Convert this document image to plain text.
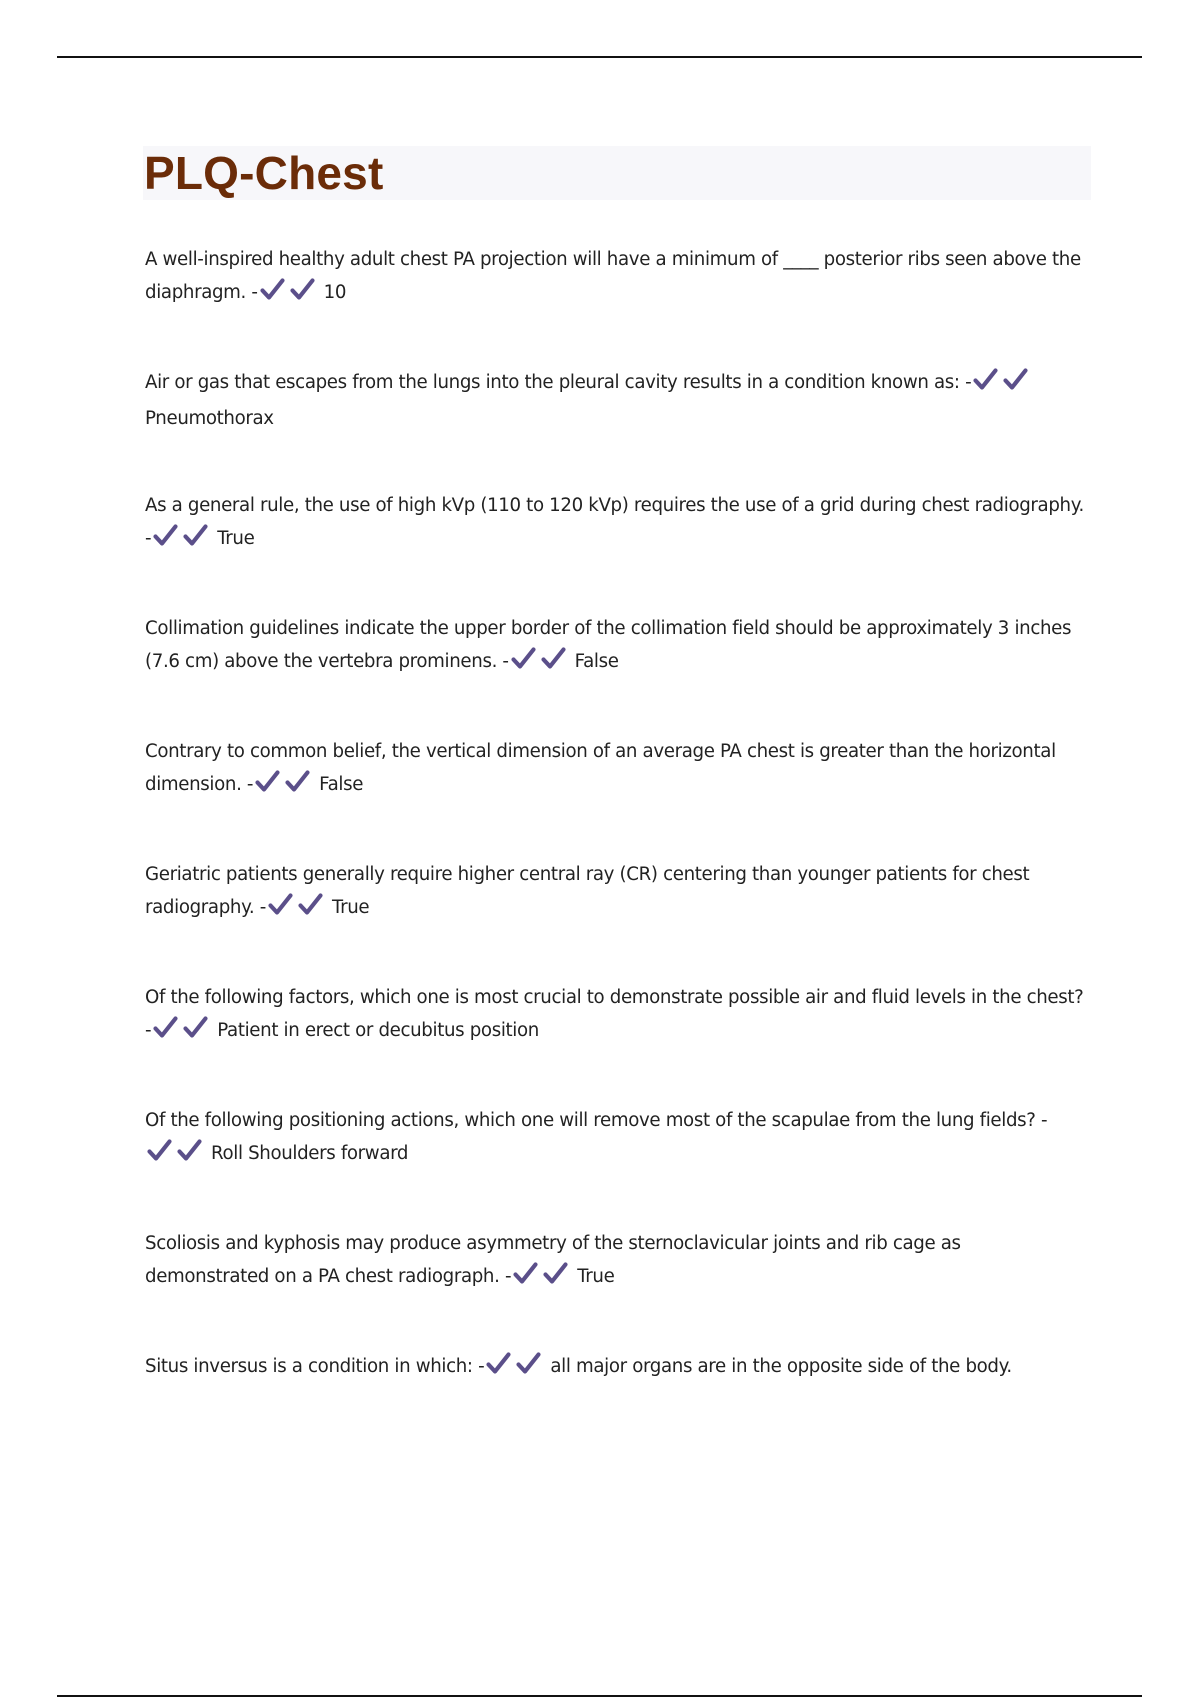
PLQ-Chest
A well-inspired healthy adult chest PA projection will have a minimum of ____ posterior ribs seen above the diaphragm. -	10
Air or gas that escapes from the lungs into the pleural cavity results in a condition known as: -
Pneumothorax
As a general rule, the use of high kVp (110 to 120 kVp) requires the use of a grid during chest radiography. -	True
Collimation guidelines indicate the upper border of the collimation field should be approximately 3 inches (7.6 cm) above the vertebra prominens. -	False
Contrary to common belief, the vertical dimension of an average PA chest is greater than the horizontal dimension. -	False
Geriatric patients generally require higher central ray (CR) centering than younger patients for chest radiography. -	True
Of the following factors, which one is most crucial to demonstrate possible air and fluid levels in the chest? -	Patient in erect or decubitus position
Of the following positioning actions, which one will remove most of the scapulae from the lung fields? -
Roll Shoulders forward
Scoliosis and kyphosis may produce asymmetry of the sternoclavicular joints and rib cage as demonstrated on a PA chest radiograph. -	True
Situs inversus is a condition in which: -	all major organs are in the opposite side of the body.
